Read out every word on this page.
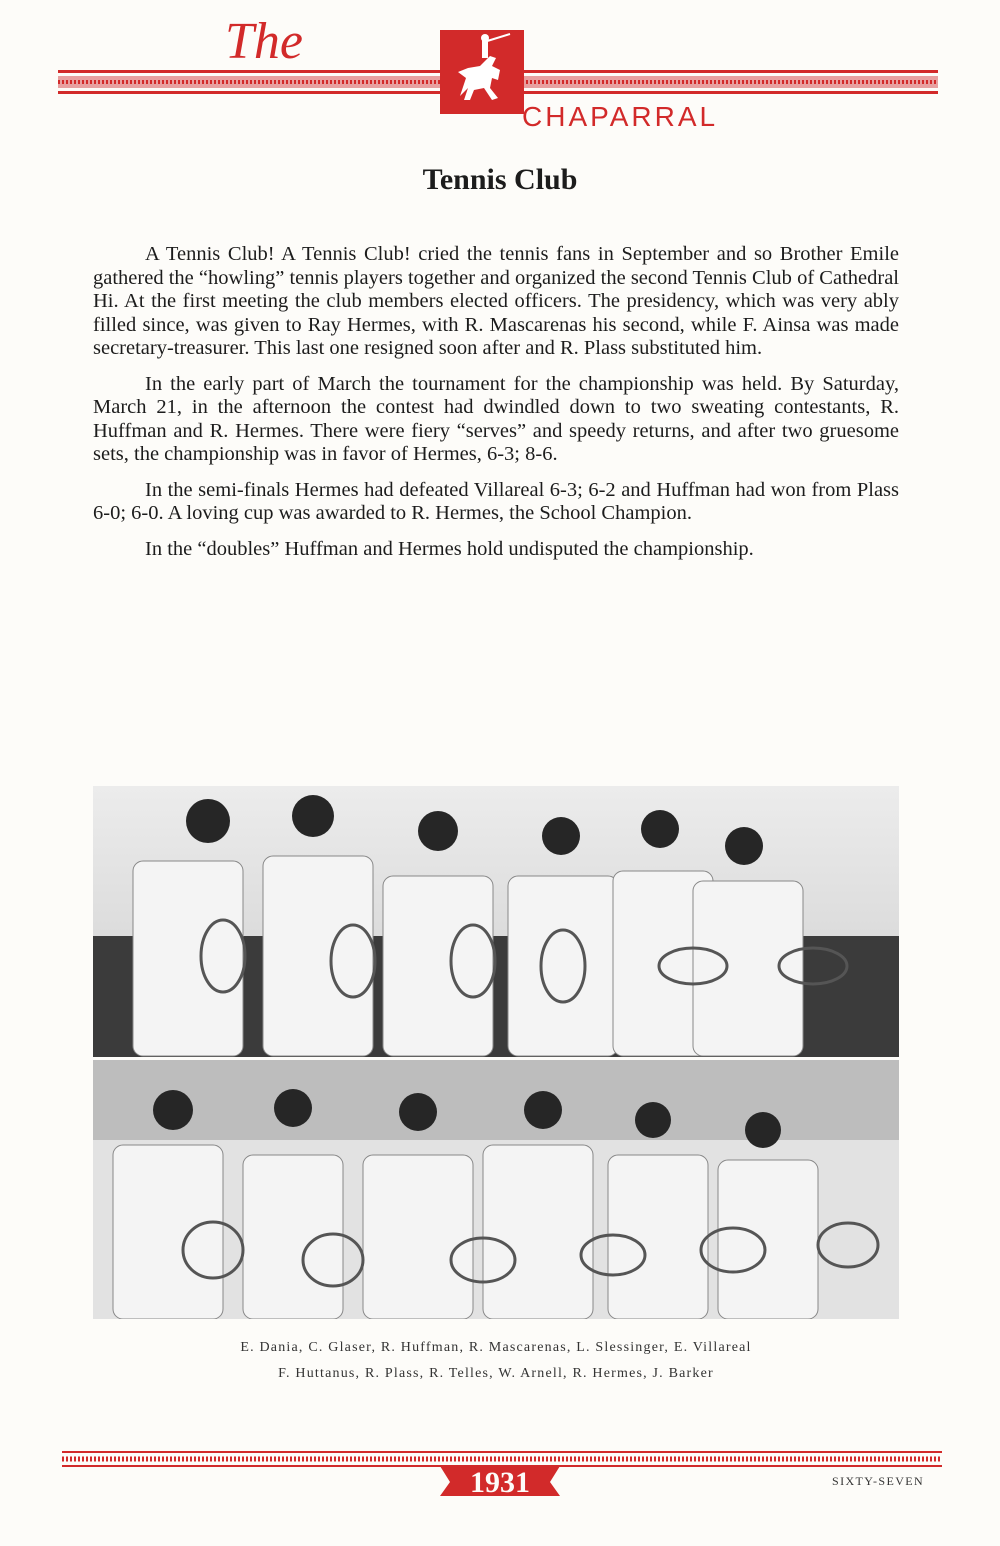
The
CHAPARRAL
Tennis Club

A Tennis Club! A Tennis Club! cried the tennis fans in September and so Brother Emile gathered the “howling” tennis players together and organized the second Tennis Club of Cathedral Hi. At the first meeting the club members elected officers. The presidency, which was very ably filled since, was given to Ray Hermes, with R. Mascarenas his second, while F. Ainsa was made secretary-treasurer. This last one resigned soon after and R. Plass substituted him.

In the early part of March the tournament for the championship was held. By Saturday, March 21, in the afternoon the contest had dwindled down to two sweating contestants, R. Huffman and R. Hermes. There were fiery “serves” and speedy returns, and after two gruesome sets, the championship was in favor of Hermes, 6-3; 8-6.

In the semi-finals Hermes had defeated Villareal 6-3; 6-2 and Huffman had won from Plass 6-0; 6-0. A loving cup was awarded to R. Hermes, the School Champion.

In the “doubles” Huffman and Hermes hold undisputed the championship.

E. Dania, C. Glaser, R. Huffman, R. Mascarenas, L. Slessinger, E. Villareal
F. Huttanus, R. Plass, R. Telles, W. Arnell, R. Hermes, J. Barker
1931	SIXTY-SEVEN
